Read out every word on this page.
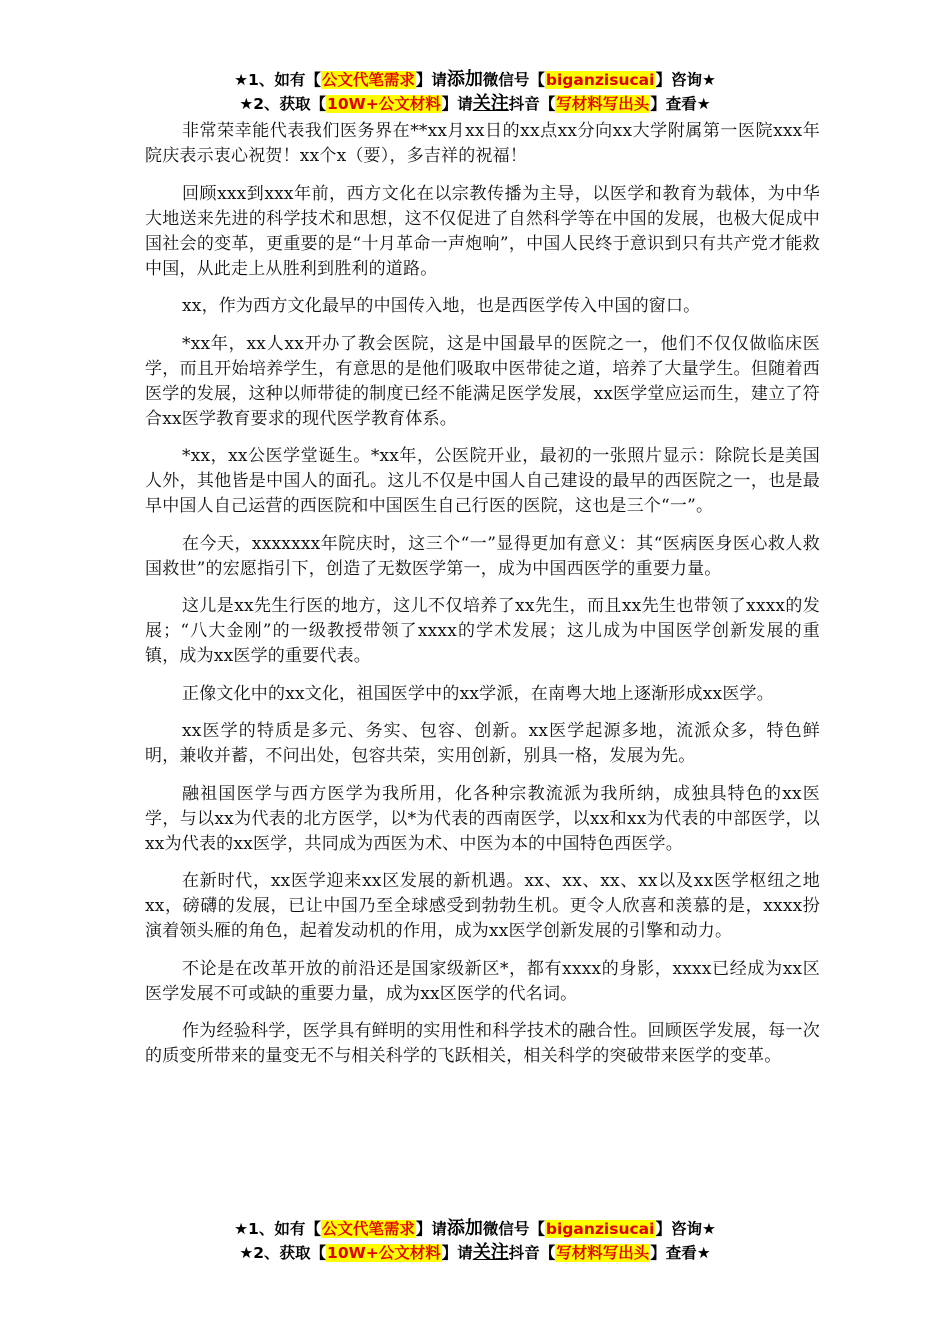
★1、如有【公文代笔需求】请添加微信号【biganzisucai】咨询★
★2、获取【10W+公文材料】请关注抖音【写材料写出头】查看★

非常荣幸能代表我们医务界在**xx月xx日的xx点xx分向xx大学附属第一医院xxx年院庆表示衷心祝贺！xx个x（要），多吉祥的祝福！

回顾xxx到xxx年前，西方文化在以宗教传播为主导，以医学和教育为载体，为中华大地送来先进的科学技术和思想，这不仅促进了自然科学等在中国的发展，也极大促成中国社会的变革，更重要的是“十月革命一声炮响”，中国人民终于意识到只有共产党才能救中国，从此走上从胜利到胜利的道路。

xx，作为西方文化最早的中国传入地，也是西医学传入中国的窗口。

*xx年，xx人xx开办了教会医院，这是中国最早的医院之一，他们不仅仅做临床医学，而且开始培养学生，有意思的是他们吸取中医带徒之道，培养了大量学生。但随着西医学的发展，这种以师带徒的制度已经不能满足医学发展，xx医学堂应运而生，建立了符合xx医学教育要求的现代医学教育体系。

*xx，xx公医学堂诞生。*xx年，公医院开业，最初的一张照片显示：除院长是美国人外，其他皆是中国人的面孔。这儿不仅是中国人自己建设的最早的西医院之一，也是最早中国人自己运营的西医院和中国医生自己行医的医院，这也是三个“一”。

在今天，xxxxxxx年院庆时，这三个“一”显得更加有意义：其“医病医身医心救人救国救世”的宏愿指引下，创造了无数医学第一，成为中国西医学的重要力量。

这儿是xx先生行医的地方，这儿不仅培养了xx先生，而且xx先生也带领了xxxx的发展；“八大金刚”的一级教授带领了xxxx的学术发展；这儿成为中国医学创新发展的重镇，成为xx医学的重要代表。

正像文化中的xx文化，祖国医学中的xx学派，在南粤大地上逐渐形成xx医学。

xx医学的特质是多元、务实、包容、创新。xx医学起源多地，流派众多，特色鲜明，兼收并蓄，不问出处，包容共荣，实用创新，别具一格，发展为先。

融祖国医学与西方医学为我所用，化各种宗教流派为我所纳，成独具特色的xx医学，与以xx为代表的北方医学，以*为代表的西南医学，以xx和xx为代表的中部医学，以xx为代表的xx医学，共同成为西医为术、中医为本的中国特色西医学。

在新时代，xx医学迎来xx区发展的新机遇。xx、xx、xx、xx以及xx医学枢纽之地xx，磅礴的发展，已让中国乃至全球感受到勃勃生机。更令人欣喜和羡慕的是，xxxx扮演着领头雁的角色，起着发动机的作用，成为xx医学创新发展的引擎和动力。

不论是在改革开放的前沿还是国家级新区*，都有xxxx的身影，xxxx已经成为xx区医学发展不可或缺的重要力量，成为xx区医学的代名词。

作为经验科学，医学具有鲜明的实用性和科学技术的融合性。回顾医学发展，每一次的质变所带来的量变无不与相关科学的飞跃相关，相关科学的突破带来医学的变革。

★1、如有【公文代笔需求】请添加微信号【biganzisucai】咨询★
★2、获取【10W+公文材料】请关注抖音【写材料写出头】查看★
